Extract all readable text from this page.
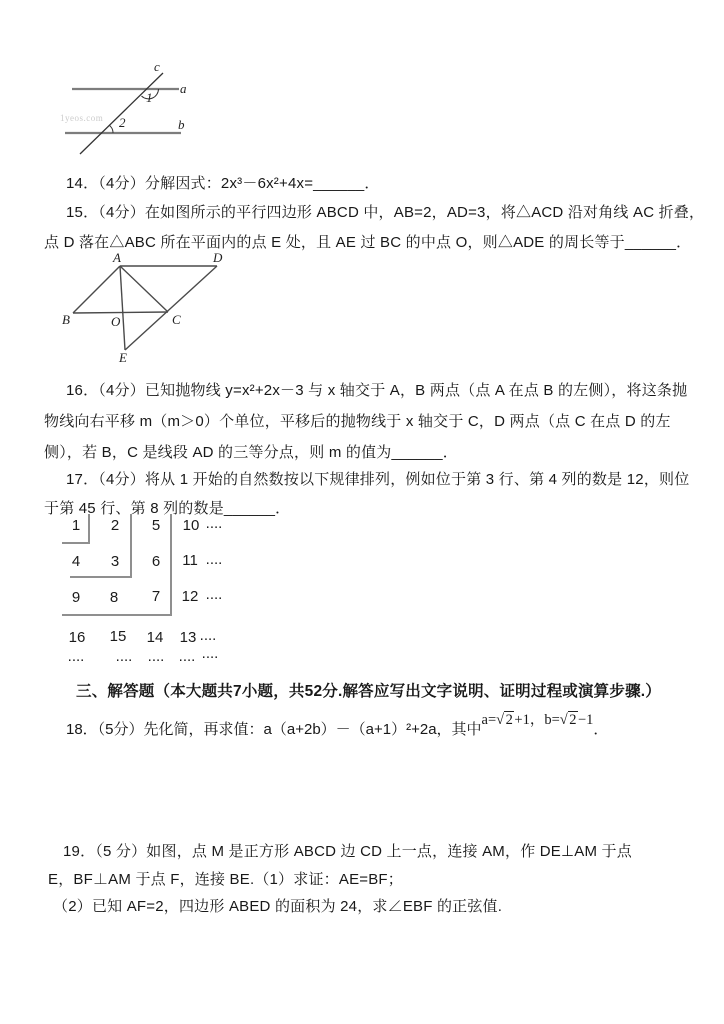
1yeos.com
c
a
b
1
2
14．（4分）分解因式：2x³－6x²+4x=______．
15．（4分）在如图所示的平行四边形 ABCD 中，AB=2，AD=3，将△ACD 沿对角线 AC 折叠，
点 D 落在△ABC 所在平面内的点 E 处，且 AE 过 BC 的中点 O，则△ADE 的周长等于______．
A	D
B	C
O
E
16．（4分）已知抛物线 y=x²+2x－3 与 x 轴交于 A，B 两点（点 A 在点 B 的左侧），将这条抛
物线向右平移 m（m＞0）个单位，平移后的抛物线于 x 轴交于 C，D 两点（点 C 在点 D 的左
侧），若 B，C 是线段 AD 的三等分点，则 m 的值为______．
17．（4分）将从 1 开始的自然数按以下规律排列，例如位于第 3 行、第 4 列的数是 12，则位
于第 45 行、第 8 列的数是______．
1 2 5 10 ....
4 3 6 11 ....
9 8 7 12 ....
16 15 14 13 ....
.... .... .... .... ....
三、解答题（本大题共7小题，共52分.解答应写出文字说明、证明过程或演算步骤.）
18．（5分）先化简，再求值：a（a+2b）－（a+1）²+2a，其中a=√ 2 +1，b=√ 2 −1．
19．（5 分）如图，点 M 是正方形 ABCD 边 CD 上一点，连接 AM，作 DE⊥AM 于点
E，BF⊥AM 于点 F，连接 BE.（1）求证：AE=BF；
（2）已知 AF=2，四边形 ABED 的面积为 24，求∠EBF 的正弦值.
